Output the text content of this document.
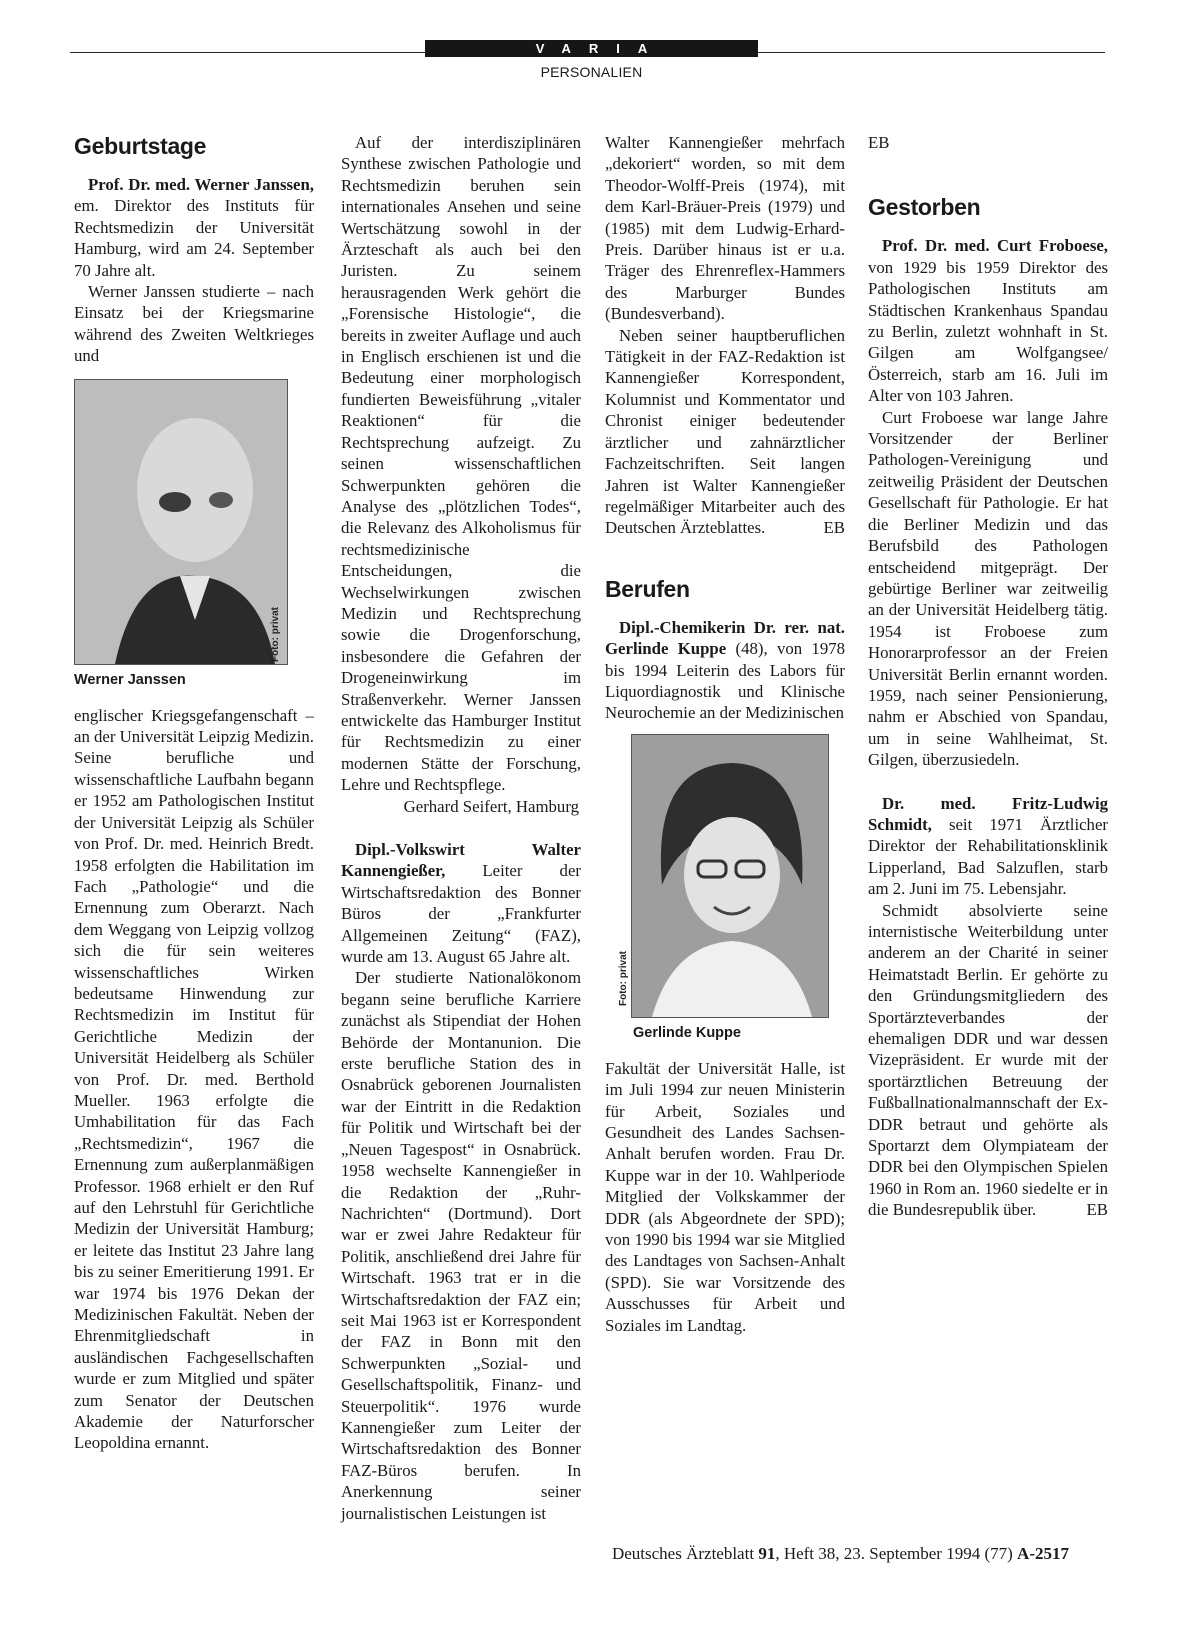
VARIA
PERSONALIEN
Geburtstage

Prof. Dr. med. Werner Janssen, em. Direktor des Instituts für Rechtsmedizin der Universität Hamburg, wird am 24. September 70 Jahre alt.

Werner Janssen studierte – nach Einsatz bei der Kriegsmarine während des Zweiten Weltkrieges und

Foto: privat
Werner Janssen

englischer Kriegsgefangenschaft – an der Universität Leipzig Medizin. Seine berufliche und wissenschaftliche Laufbahn begann er 1952 am Pathologischen Institut der Universität Leipzig als Schüler von Prof. Dr. med. Heinrich Bredt. 1958 erfolgten die Habilitation im Fach „Pathologie“ und die Ernennung zum Oberarzt. Nach dem Weggang von Leipzig vollzog sich die für sein weiteres wissenschaftliches Wirken bedeutsame Hinwendung zur Rechtsmedizin im Institut für Gerichtliche Medizin der Universität Heidelberg als Schüler von Prof. Dr. med. Berthold Mueller. 1963 erfolgte die Umhabilitation für das Fach „Rechtsmedizin“, 1967 die Ernennung zum außerplanmäßigen Professor. 1968 erhielt er den Ruf auf den Lehrstuhl für Gerichtliche Medizin der Universität Hamburg; er leitete das Institut 23 Jahre lang bis zu seiner Emeritierung 1991. Er war 1974 bis 1976 Dekan der Medizinischen Fakultät. Neben der Ehrenmitgliedschaft in ausländischen Fachgesellschaften wurde er zum Mitglied und später zum Senator der Deutschen Akademie der Naturforscher Leopoldina ernannt.

Auf der interdisziplinären Synthese zwischen Pathologie und Rechtsmedizin beruhen sein internationales Ansehen und seine Wertschätzung sowohl in der Ärzteschaft als auch bei den Juristen. Zu seinem herausragenden Werk gehört die „Forensische Histologie“, die bereits in zweiter Auflage und auch in Englisch erschienen ist und die Bedeutung einer morphologisch fundierten Beweisführung „vitaler Reaktionen“ für die Rechtsprechung aufzeigt. Zu seinen wissenschaftlichen Schwerpunkten gehören die Analyse des „plötzlichen Todes“, die Relevanz des Alkoholismus für rechtsmedizinische Entscheidungen, die Wechselwirkungen zwischen Medizin und Rechtsprechung sowie die Drogenforschung, insbesondere die Gefahren der Drogeneinwirkung im Straßenverkehr. Werner Janssen entwickelte das Hamburger Institut für Rechtsmedizin zu einer modernen Stätte der Forschung, Lehre und Rechtspflege.

Gerhard Seifert, Hamburg

Dipl.-Volkswirt Walter Kannengießer, Leiter der Wirtschaftsredaktion des Bonner Büros der „Frankfurter Allgemeinen Zeitung“ (FAZ), wurde am 13. August 65 Jahre alt.

Der studierte Nationalökonom begann seine berufliche Karriere zunächst als Stipendiat der Hohen Behörde der Montanunion. Die erste berufliche Station des in Osnabrück geborenen Journalisten war der Eintritt in die Redaktion für Politik und Wirtschaft bei der „Neuen Tagespost“ in Osnabrück. 1958 wechselte Kannengießer in die Redaktion der „Ruhr-Nachrichten“ (Dortmund). Dort war er zwei Jahre Redakteur für Politik, anschließend drei Jahre für Wirtschaft. 1963 trat er in die Wirtschaftsredaktion der FAZ ein; seit Mai 1963 ist er Korrespondent der FAZ in Bonn mit den Schwerpunkten „Sozial- und Gesellschaftspolitik, Finanz- und Steuerpolitik“. 1976 wurde Kannengießer zum Leiter der Wirtschaftsredaktion des Bonner FAZ-Büros berufen. In Anerkennung seiner journalistischen Leistungen ist

Neben seiner hauptberuflichen Tätigkeit in der FAZ-Redaktion ist Kannengießer Korrespondent, Kolumnist und Kommentator und Chronist einiger bedeutender ärztlicher und zahnärztlicher Fachzeitschriften. Seit langen Jahren ist Walter Kannengießer regelmäßiger Mitarbeiter auch des Deutschen Ärzteblattes.	EB

Berufen

Dipl.-Chemikerin Dr. rer. nat. Gerlinde Kuppe (48), von 1978 bis 1994 Leiterin des Labors für Liquordiagnostik und Klinische Neurochemie an der Medizinischen

Foto: privat
Gerlinde Kuppe

Fakultät der Universität Halle, ist im Juli 1994 zur neuen Ministerin für Arbeit, Soziales und Gesundheit des Landes Sachsen-Anhalt berufen worden. Frau Dr. Kuppe war in der 10. Wahlperiode Mitglied der Volkskammer der DDR (als Abgeordnete der SPD); von 1990 bis 1994 war sie Mitglied des Landtages von Sachsen-Anhalt (SPD). Sie war Vorsitzende des Ausschusses für Arbeit und Soziales im Landtag.

Walter Kannengießer mehrfach „dekoriert“ worden, so mit dem Theodor-Wolff-Preis (1974), mit dem Karl-Bräuer-Preis (1979) und (1985) mit dem Ludwig-Erhard-Preis. Darüber hinaus ist er u.a. Träger des Ehrenreflex-Hammers des Marburger Bundes (Bundesverband).

Gestorben

Prof. Dr. med. Curt Froboese, von 1929 bis 1959 Direktor des Pathologischen Instituts am Städtischen Krankenhaus Spandau zu Berlin, zuletzt wohnhaft in St. Gilgen am Wolfgangsee/Österreich, starb am 16. Juli im Alter von 103 Jahren.

Curt Froboese war lange Jahre Vorsitzender der Berliner Pathologen-Vereinigung und zeitweilig Präsident der Deutschen Gesellschaft für Pathologie. Er hat die Berliner Medizin und das Berufsbild des Pathologen entscheidend mitgeprägt. Der gebürtige Berliner war zeitweilig an der Universität Heidelberg tätig. 1954 ist Froboese zum Honorarprofessor an der Freien Universität Berlin ernannt worden. 1959, nach seiner Pensionierung, nahm er Abschied von Spandau, um in seine Wahlheimat, St. Gilgen, überzusiedeln.

Dr. med. Fritz-Ludwig Schmidt, seit 1971 Ärztlicher Direktor der Rehabilitationsklinik Lipperland, Bad Salzuflen, starb am 2. Juni im 75. Lebensjahr.

Schmidt absolvierte seine internistische Weiterbildung unter anderem an der Charité in seiner Heimatstadt Berlin. Er gehörte zu den Gründungsmitgliedern des Sportärzteverbandes der ehemaligen DDR und war dessen Vizepräsident. Er wurde mit der sportärztlichen Betreuung der Fußballnationalmannschaft der Ex-DDR betraut und gehörte als Sportarzt dem Olympiateam der DDR bei den Olympischen Spielen 1960 in Rom an. 1960 siedelte er in die Bundesrepublik über.	EB

EB

Deutsches Ärzteblatt 91, Heft 38, 23. September 1994 (77) A-2517
